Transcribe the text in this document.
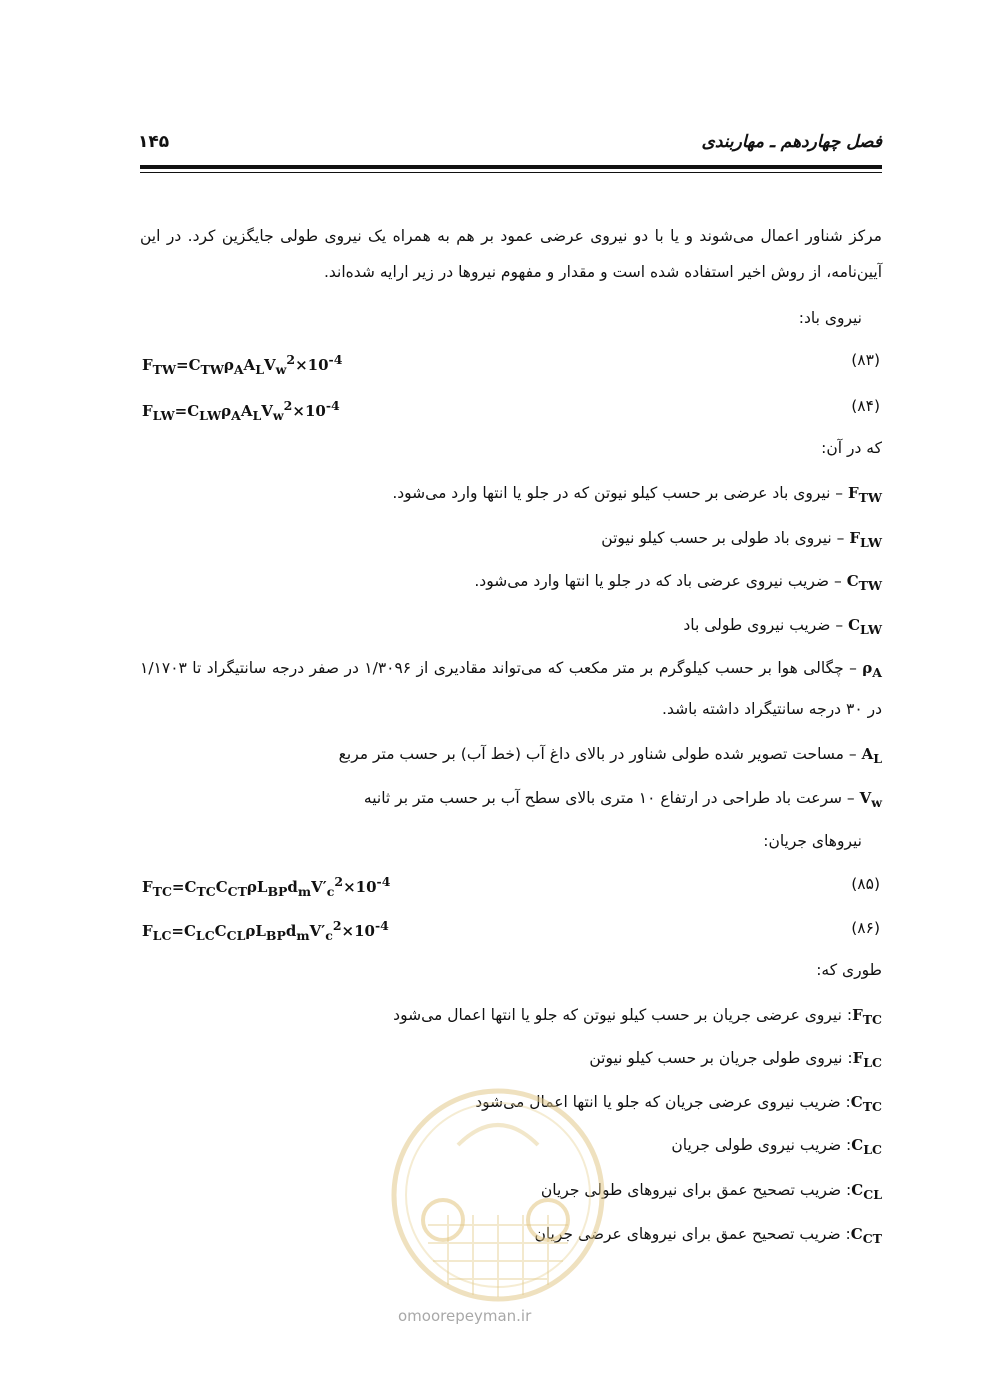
فصل چهاردهم ـ مهاربندی
۱۴۵
مرکز شناور اعمال می‌شوند و یا با دو نیروی عرضی عمود بر هم به همراه یک نیروی طولی جایگزین کرد. در این آیین‌نامه، از روش اخیر استفاده شده است و مقدار و مفهوم نیروها در زیر ارایه شده‌اند.
نیروی باد:
$F_{TW}=C_{TW}\rho_AA_LV_w^2\times 10^{-4}$	(۸۳)
$F_{LW}=C_{LW}\rho_AA_LV_w^2\times 10^{-4}$	(۸۴)
که در آن:
$F_{TW}$ – نیروی باد عرضی بر حسب کیلو نیوتن که در جلو یا انتها وارد می‌شود.
$F_{LW}$ – نیروی باد طولی بر حسب کیلو نیوتن
$C_{TW}$ – ضریب نیروی عرضی باد که در جلو یا انتها وارد می‌شود.
$C_{LW}$ – ضریب نیروی طولی باد
$\rho_A$ – چگالی هوا بر حسب کیلوگرم بر متر مکعب که می‌تواند مقادیری از ۱/۳۰۹۶ در صفر درجه سانتیگراد تا ۱/۱۷۰۳ در ۳۰ درجه سانتیگراد داشته باشد.
$A_L$ – مساحت تصویر شده طولی شناور در بالای داغ آب (خط آب) بر حسب متر مربع
$V_w$ – سرعت باد طراحی در ارتفاع ۱۰ متری بالای سطح آب بر حسب متر بر ثانیه
نیروهای جریان:
$F_{TC}=C_{TC}C_{CT}\rho L_{BP}d_mV'_c^2\times 10^{-4}$	(۸۵)
$F_{LC}=C_{LC}C_{CL}\rho L_{BP}d_mV'_c^2\times 10^{-4}$	(۸۶)
طوری که:
$F_{TC}$: نیروی عرضی جریان بر حسب کیلو نیوتن که جلو یا انتها اعمال می‌شود
$F_{LC}$: نیروی طولی جریان بر حسب کیلو نیوتن
$C_{TC}$: ضریب نیروی عرضی جریان که جلو یا انتها اعمال می‌شود
$C_{LC}$: ضریب نیروی طولی جریان
$C_{CL}$: ضریب تصحیح عمق برای نیروهای طولی جریان
$C_{CT}$: ضریب تصحیح عمق برای نیروهای عرضی جریان
omoorepeyman.ir
